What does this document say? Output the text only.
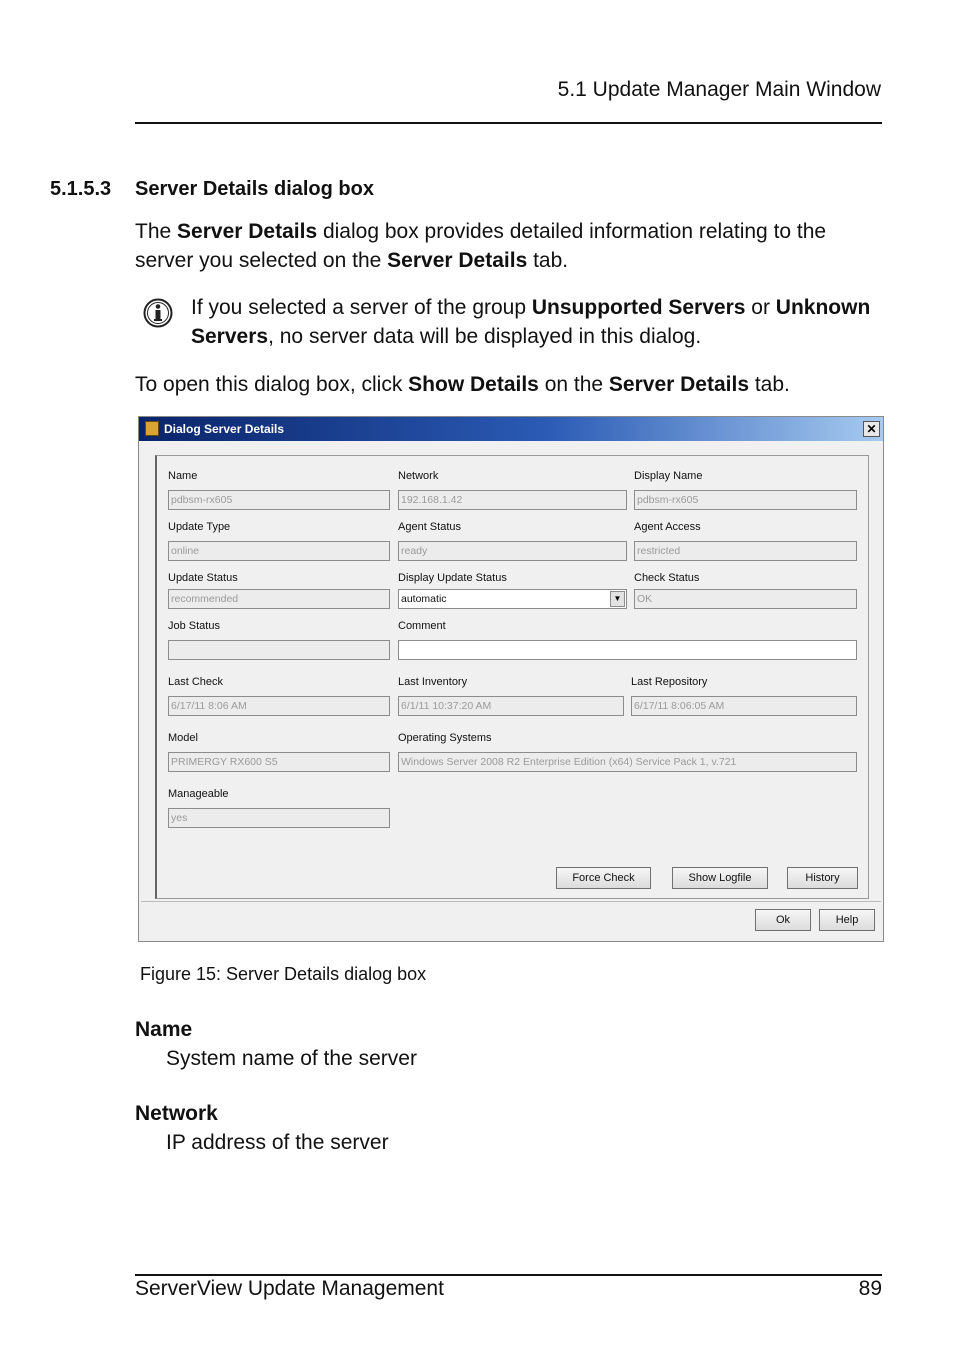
5.1 Update Manager Main Window
5.1.5.3 Server Details dialog box
The Server Details dialog box provides detailed information relating to the server you selected on the Server Details tab.
If you selected a server of the group Unsupported Servers or Unknown Servers, no server data will be displayed in this dialog.
To open this dialog box, click Show Details on the Server Details tab.
Dialog Server Details	✕
Name
pdbsm-rx605
Network
192.168.1.42
Display Name
pdbsm-rx605
Update Type
online
Agent Status
ready
Agent Access
restricted
Update Status
recommended
Display Update Status
automatic	▼
Check Status
OK
Job Status	Comment
Last Check
6/17/11 8:06 AM
Last Inventory
6/1/11 10:37:20 AM
Last Repository
6/17/11 8:06:05 AM
Model
PRIMERGY RX600 S5
Operating Systems
Windows Server 2008 R2 Enterprise Edition (x64) Service Pack 1, v.721
Manageable
yes
Force Check	Show Logfile	History
Ok	Help
Figure 15: Server Details dialog box
Name
System name of the server
Network
IP address of the server
ServerView Update Management	89
